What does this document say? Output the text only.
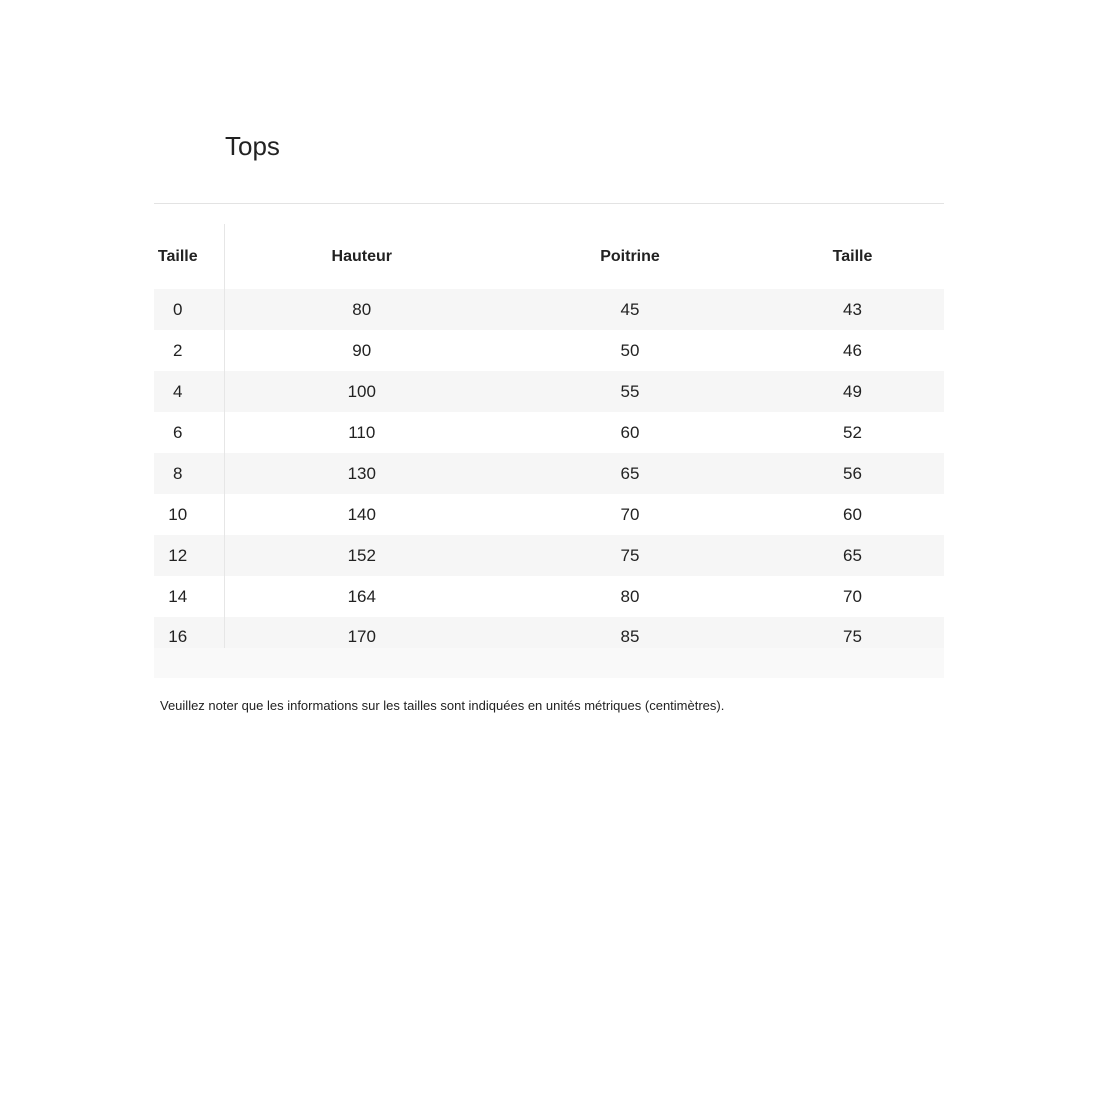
Tops
Taille	Hauteur	Poitrine	Taille
0	80	45	43
2	90	50	46
4	100	55	49
6	110	60	52
8	130	65	56
10	140	70	60
12	152	75	65
14	164	80	70
16	170	85	75

Veuillez noter que les informations sur les tailles sont indiquées en unités métriques (centimètres).
